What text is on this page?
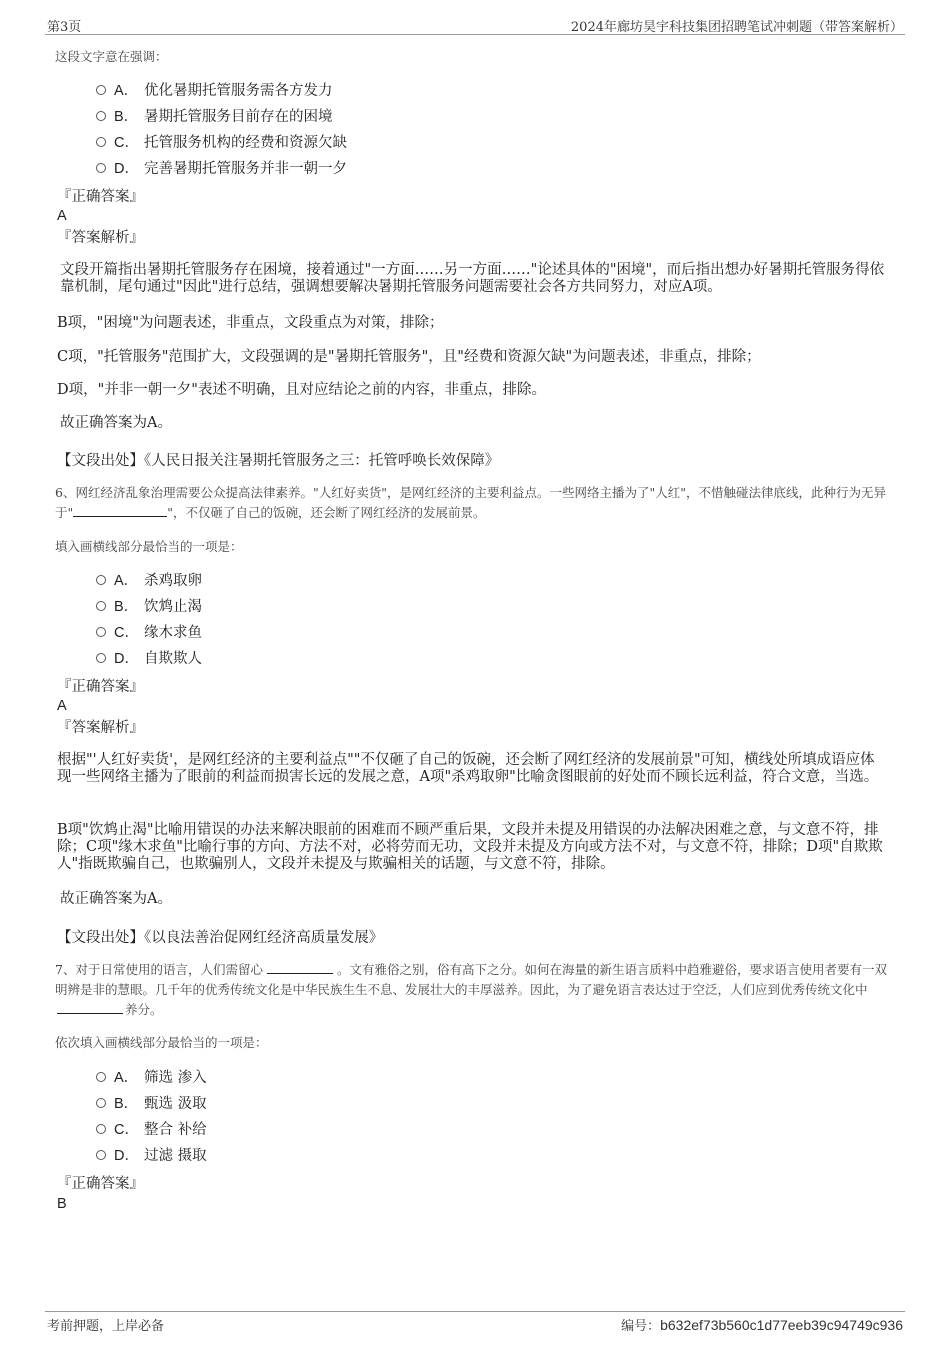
第3页	2024年廊坊昊宇科技集团招聘笔试冲刺题（带答案解析）
这段文字意在强调：
A． 优化暑期托管服务需各方发力
B． 暑期托管服务目前存在的困境
C． 托管服务机构的经费和资源欠缺
D． 完善暑期托管服务并非一朝一夕
『正确答案』
A
『答案解析』
文段开篇指出暑期托管服务存在困境，接着通过"一方面……另一方面……"论述具体的"困境"，而后指出想办好暑期托管服务得依靠机制，尾句通过"因此"进行总结，强调想要解决暑期托管服务问题需要社会各方共同努力，对应A项。
B项，"困境"为问题表述，非重点，文段重点为对策，排除；
C项，"托管服务"范围扩大，文段强调的是"暑期托管服务"，且"经费和资源欠缺"为问题表述，非重点，排除；
D项，"并非一朝一夕"表述不明确，且对应结论之前的内容，非重点，排除。
故正确答案为A。
【文段出处】《人民日报关注暑期托管服务之三：托管呼唤长效保障》
6、网红经济乱象治理需要公众提高法律素养。"人红好卖货"，是网红经济的主要利益点。一些网络主播为了"人红"，不惜触碰法律底线，此种行为无异于"	"，不仅砸了自己的饭碗，还会断了网红经济的发展前景。
填入画横线部分最恰当的一项是：
A． 杀鸡取卵
B． 饮鸩止渴
C． 缘木求鱼
D． 自欺欺人
『正确答案』
A
『答案解析』
根据"'人红好卖货'，是网红经济的主要利益点""不仅砸了自己的饭碗，还会断了网红经济的发展前景"可知，横线处所填成语应体现一些网络主播为了眼前的利益而损害长远的发展之意，A项"杀鸡取卵"比喻贪图眼前的好处而不顾长远利益，符合文意，当选。
B项"饮鸩止渴"比喻用错误的办法来解决眼前的困难而不顾严重后果，文段并未提及用错误的办法解决困难之意，与文意不符，排除；C项"缘木求鱼"比喻行事的方向、方法不对，必将劳而无功，文段并未提及方向或方法不对，与文意不符，排除；D项"自欺欺人"指既欺骗自己，也欺骗别人，文段并未提及与欺骗相关的话题，与文意不符，排除。
故正确答案为A。
【文段出处】《以良法善治促网红经济高质量发展》
7、对于日常使用的语言，人们需留心	。文有雅俗之别，俗有高下之分。如何在海量的新生语言质料中趋雅避俗，要求语言使用者要有一双明辨是非的慧眼。几千年的优秀传统文化是中华民族生生不息、发展壮大的丰厚滋养。因此，为了避免语言表达过于空泛，人们应到优秀传统文化中养分。
依次填入画横线部分最恰当的一项是：
A． 筛选 渗入
B． 甄选 汲取
C． 整合 补给
D． 过滤 摄取
『正确答案』
B
考前押题，上岸必备	编号：b632ef73b560c1d77eeb39c94749c936
